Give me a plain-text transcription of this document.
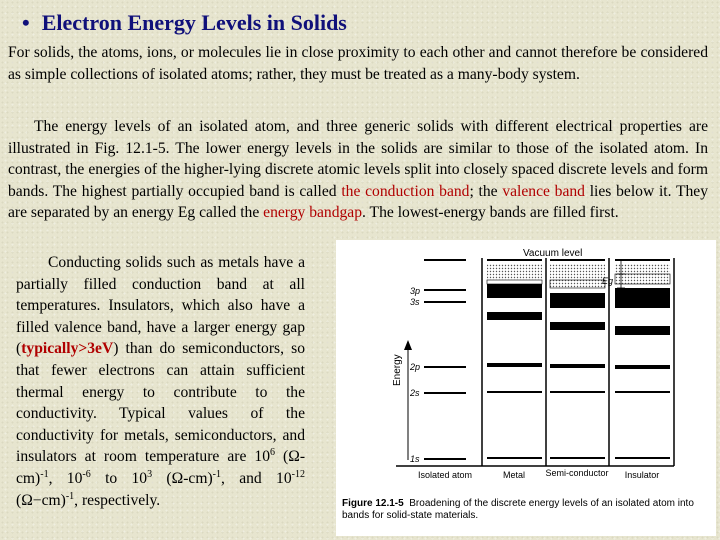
• Electron Energy Levels in Solids
For solids, the atoms, ions, or molecules lie in close proximity to each other and cannot therefore be considered as simple collections of isolated atoms; rather, they must be treated as a many-body system.
The energy levels of an isolated atom, and three generic solids with different electrical properties are illustrated in Fig. 12.1-5. The lower energy levels in the solids are similar to those of the isolated atom. In contrast, the energies of the higher-lying discrete atomic levels split into closely spaced discrete levels and form bands. The highest partially occupied band is called the conduction band; the valence band lies below it. They are separated by an energy Eg called the energy bandgap. The lowest-energy bands are filled first.
Conducting solids such as metals have a partially filled conduction band at all temperatures. Insulators, which also have a filled valence band, have a larger energy gap (typically>3eV) than do semiconductors, so that fewer electrons can attain sufficient thermal energy to contribute to the conductivity. Typical values of the conductivity for metals, semiconductors, and insulators at room temperature are $10^6$ $(\Omega-cm)^{-1}$, $10^{-6}$ to $10^3$ $(\Omega-cm)^{-1}$, and $10^{-12}$ $(\Omega-cm)^{-1}$, respectively.
Vacuum level
Energy
3p
3s
2p
2s
1s
Eg
Isolated atom	Metal Semi-conductor Insulator
Figure 12.1-5 Broadening of the discrete energy levels of an isolated atom into bands for solid-state materials.
